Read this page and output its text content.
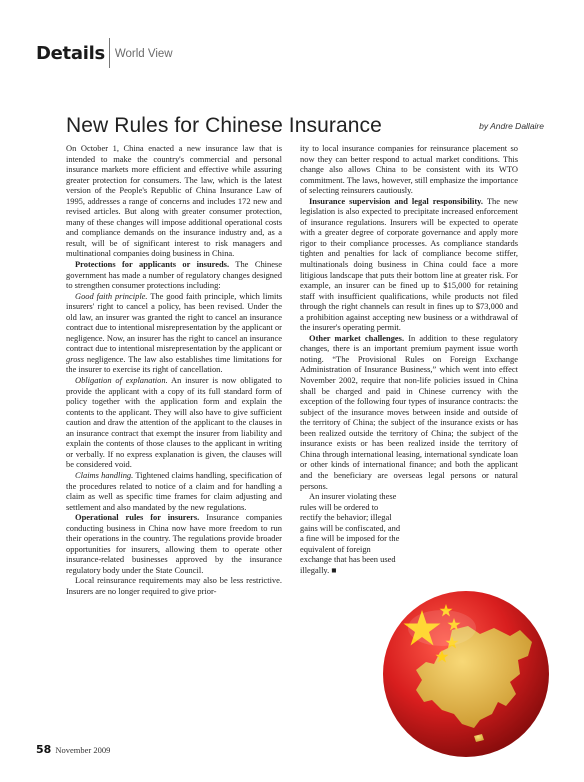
Details World View
New Rules for Chinese Insurance	by Andre Dallaire

On October 1, China enacted a new insurance law that is intended to make the country's commercial and personal insurance markets more efficient and effective while assuring greater protection for consumers. The law, which is the latest version of the People's Republic of China Insurance Law of 1995, addresses a range of concerns and includes 172 new and revised articles. But along with greater consumer protection, many of these changes will impose additional operational costs and compliance demands on the insurance industry and, as a result, will be of significant interest to risk managers and multinational companies doing business in China.

Protections for applicants or insureds. The Chinese government has made a number of regulatory changes designed to strengthen consumer protections including:

Good faith principle. The good faith principle, which limits insurers' right to cancel a policy, has been revised. Under the old law, an insurer was granted the right to cancel an insurance contract due to intentional misrepresentation by the applicant or negligence. Now, an insurer has the right to cancel an insurance contract due to intentional misrepresentation by the applicant or gross negligence. The law also establishes time limitations for the insurer to exercise its right of cancellation.

Obligation of explanation. An insurer is now obligated to provide the applicant with a copy of its full standard form of policy together with the application form and explain the contents to the applicant. They will also have to give sufficient caution and draw the attention of the applicant to the clauses in an insurance contract that exempt the insurer from liability and explain the contents of those clauses to the applicant in writing or verbally. If no express explanation is given, the clauses will be considered void.

Claims handling. Tightened claims handling, specification of the procedures related to notice of a claim and for handling a claim as well as specific time frames for claim adjusting and settlement and also mandated by the new regulations.

Operational rules for insurers. Insurance companies conducting business in China now have more freedom to run their operations in the country. The regulations provide broader opportunities for insurers, allowing them to operate other insurance-related businesses approved by the insurance regulatory body under the State Council.

Local reinsurance requirements may also be less restrictive. Insurers are no longer required to give prior-

ity to local insurance companies for reinsurance placement so now they can better respond to actual market conditions. This change also allows China to be consistent with its WTO commitment. The laws, however, still emphasize the importance of selecting reinsurers cautiously.

Insurance supervision and legal responsibility. The new legislation is also expected to precipitate increased enforcement of insurance regulations. Insurers will be expected to operate with a greater degree of corporate governance and apply more rigor to their compliance processes. As compliance standards tighten and penalties for lack of compliance become stiffer, multinationals doing business in China could face a more litigious landscape that puts their bottom line at greater risk. For example, an insurer can be fined up to $15,000 for retaining staff with insufficient qualifications, while products not filed through the right channels can result in fines up to $73,000 and a prohibition against accepting new business or a withdrawal of the insurer's operating permit.

Other market challenges. In addition to these regulatory changes, there is an important premium payment issue worth noting. “The Provisional Rules on Foreign Exchange Administration of Insurance Business,” which went into effect November 2002, require that non-life policies issued in China shall be charged and paid in Chinese currency with the exception of the following four types of insurance contracts: the subject of the insurance moves between inside and outside of the territory of China; the subject of the insurance exists or has been realized outside the territory of China; the subject of the insurance exists or has been realized inside the territory of China through international leasing, international syndicate loan or other kinds of international finance; and both the applicant and the beneficiary are overseas legal persons or natural persons.

An insurer violating these rules will be ordered to rectify the behavior; illegal gains will be confiscated, and a fine will be imposed for the equivalent of foreign exchange that has been used illegally. ■

58 November 2009
